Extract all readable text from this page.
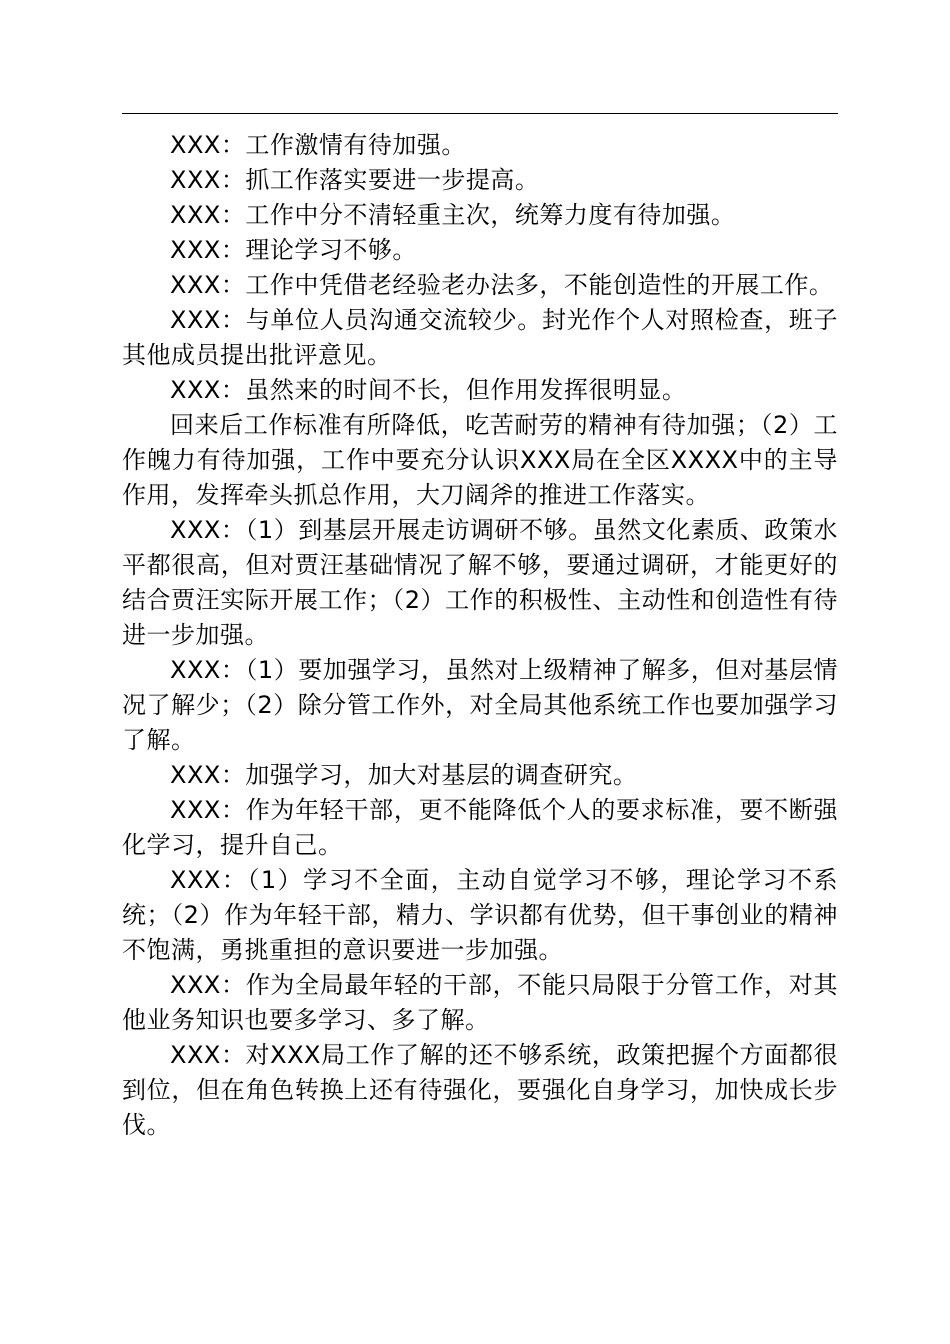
XXX：工作激情有待加强。

XXX：抓工作落实要进一步提高。

XXX：工作中分不清轻重主次，统筹力度有待加强。

XXX：理论学习不够。

XXX：工作中凭借老经验老办法多，不能创造性的开展工作。

XXX：与单位人员沟通交流较少。封光作个人对照检查，班子其他成员提出批评意见。

XXX：虽然来的时间不长，但作用发挥很明显。

回来后工作标准有所降低，吃苦耐劳的精神有待加强；（2）工作魄力有待加强，工作中要充分认识XXX局在全区XXXX中的主导作用，发挥牵头抓总作用，大刀阔斧的推进工作落实。

XXX：（1）到基层开展走访调研不够。虽然文化素质、政策水平都很高，但对贾汪基础情况了解不够，要通过调研，才能更好的结合贾汪实际开展工作；（2）工作的积极性、主动性和创造性有待进一步加强。

XXX：（1）要加强学习，虽然对上级精神了解多，但对基层情况了解少；（2）除分管工作外，对全局其他系统工作也要加强学习了解。

XXX：加强学习，加大对基层的调查研究。

XXX：作为年轻干部，更不能降低个人的要求标准，要不断强化学习，提升自己。

XXX：（1）学习不全面，主动自觉学习不够，理论学习不系统；（2）作为年轻干部，精力、学识都有优势，但干事创业的精神不饱满，勇挑重担的意识要进一步加强。

XXX：作为全局最年轻的干部，不能只局限于分管工作，对其他业务知识也要多学习、多了解。

XXX：对XXX局工作了解的还不够系统，政策把握个方面都很到位，但在角色转换上还有待强化，要强化自身学习，加快成长步伐。
